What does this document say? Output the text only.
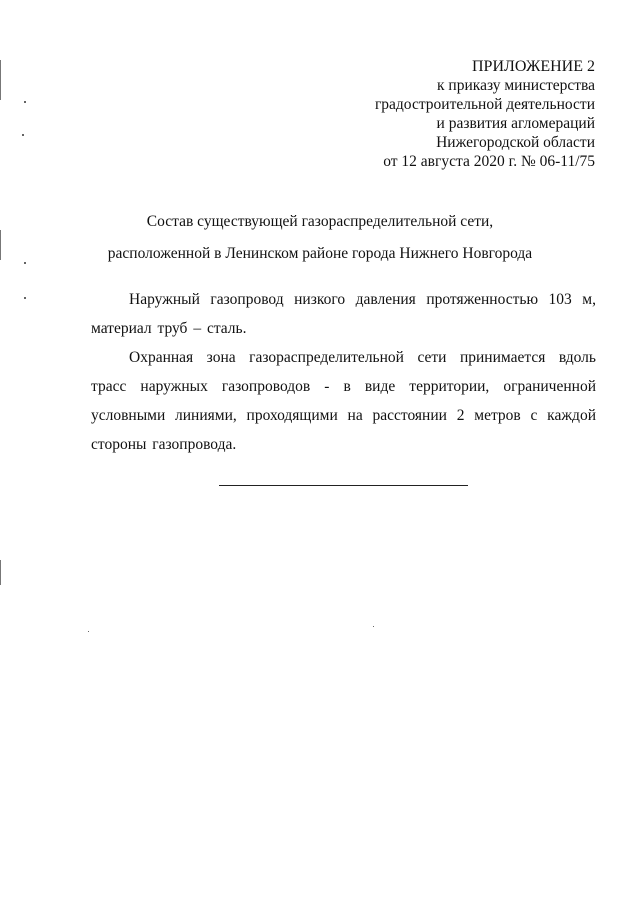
ПРИЛОЖЕНИЕ 2
к приказу министерства
градостроительной деятельности
и развития агломераций
Нижегородской области
от 12 августа 2020 г. № 06-11/75
Состав существующей газораспределительной сети,
расположенной в Ленинском районе города Нижнего Новгорода

Наружный газопровод низкого давления протяженностью 103 м, материал труб – сталь.

Охранная зона газораспределительной сети принимается вдоль трасс наружных газопроводов - в виде территории, ограниченной условными линиями, проходящими на расстоянии 2 метров с каждой стороны газопровода.
